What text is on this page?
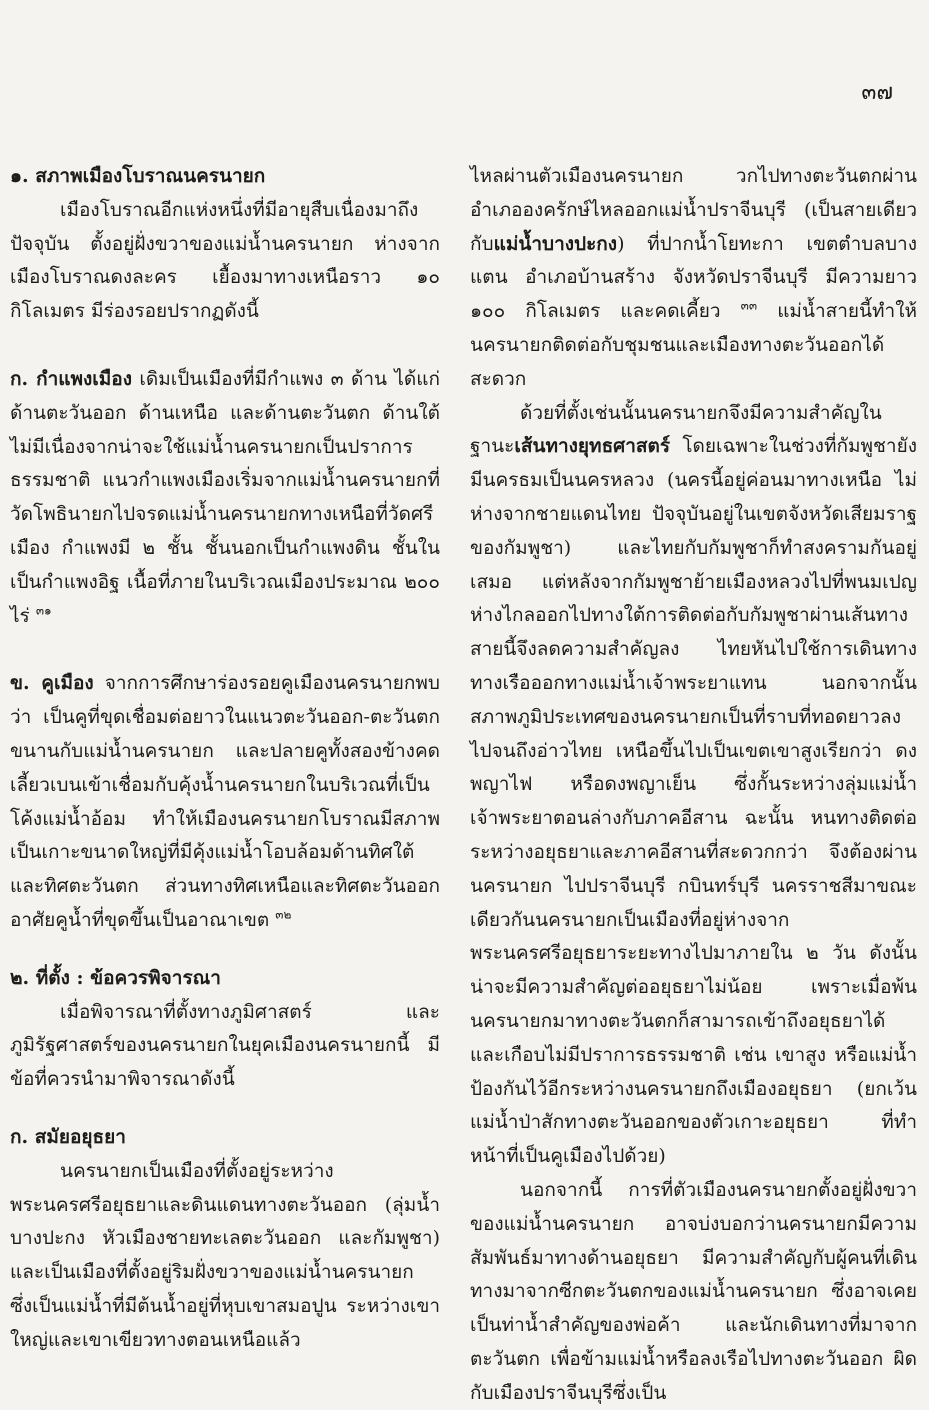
๓๗

๑. สภาพเมืองโบราณนครนายก

เมืองโบราณอีกแห่งหนึ่งที่มีอายุสืบเนื่องมาถึงปัจจุบัน ตั้งอยู่ฝั่งขวาของแม่น้ำนครนายก ห่างจากเมืองโบราณดงละคร เยื้องมาทางเหนือราว ๑๐ กิโลเมตร มีร่องรอยปรากฏดังนี้

ก. กำแพงเมือง เดิมเป็นเมืองที่มีกำแพง ๓ ด้าน ได้แก่ ด้านตะวันออก ด้านเหนือ และด้านตะวันตก ด้านใต้ไม่มีเนื่องจากน่าจะใช้แม่น้ำนครนายกเป็นปราการธรรมชาติ แนวกำแพงเมืองเริ่มจากแม่น้ำนครนายกที่วัดโพธินายกไปจรดแม่น้ำนครนายกทางเหนือที่วัดศรีเมือง กำแพงมี ๒ ชั้น ชั้นนอกเป็นกำแพงดิน ชั้นในเป็นกำแพงอิฐ เนื้อที่ภายในบริเวณเมืองประมาณ ๒๐๐ ไร่ $^{๓๑}$

ข. คูเมือง จากการศึกษาร่องรอยคูเมืองนครนายกพบว่า เป็นคูที่ขุดเชื่อมต่อยาวในแนวตะวันออก-ตะวันตก ขนานกับแม่น้ำนครนายก และปลายคูทั้งสองข้างคดเลี้ยวเบนเข้าเชื่อมกับคุ้งน้ำนครนายกในบริเวณที่เป็นโค้งแม่น้ำอ้อม ทำให้เมืองนครนายกโบราณมีสภาพเป็นเกาะขนาดใหญ่ที่มีคุ้งแม่น้ำโอบล้อมด้านทิศใต้และทิศตะวันตก ส่วนทางทิศเหนือและทิศตะวันออกอาศัยคูน้ำที่ขุดขึ้นเป็นอาณาเขต $^{๓๒}$

๒. ที่ตั้ง : ข้อควรพิจารณา

เมื่อพิจารณาที่ตั้งทางภูมิศาสตร์ และภูมิรัฐศาสตร์ของนครนายกในยุคเมืองนครนายกนี้ มีข้อที่ควรนำมาพิจารณาดังนี้

ก. สมัยอยุธยา

นครนายกเป็นเมืองที่ตั้งอยู่ระหว่างพระนครศรีอยุธยาและดินแดนทางตะวันออก (ลุ่มน้ำบางปะกง หัวเมืองชายทะเลตะวันออก และกัมพูชา) และเป็นเมืองที่ตั้งอยู่ริมฝั่งขวาของแม่น้ำนครนายก ซึ่งเป็นแม่น้ำที่มีต้นน้ำอยู่ที่หุบเขาสมอปูน ระหว่างเขาใหญ่และเขาเขียวทางตอนเหนือแล้ว

ไหลผ่านตัวเมืองนครนายก วกไปทางตะวันตกผ่านอำเภอองครักษ์ไหลออกแม่น้ำปราจีนบุรี (เป็นสายเดียวกับแม่น้ำบางปะกง) ที่ปากน้ำโยทะกา เขตตำบลบางแตน อำเภอบ้านสร้าง จังหวัดปราจีนบุรี มีความยาว ๑๐๐ กิโลเมตร และคดเคี้ยว $^{๓๓}$ แม่น้ำสายนี้ทำให้นครนายกติดต่อกับชุมชนและเมืองทางตะวันออกได้สะดวก

ด้วยที่ตั้งเช่นนั้นนครนายกจึงมีความสำคัญในฐานะเส้นทางยุทธศาสตร์ โดยเฉพาะในช่วงที่กัมพูชายังมีนครธมเป็นนครหลวง (นครนี้อยู่ค่อนมาทางเหนือ ไม่ห่างจากชายแดนไทย ปัจจุบันอยู่ในเขตจังหวัดเสียมราฐของกัมพูชา) และไทยกับกัมพูชาก็ทำสงครามกันอยู่เสมอ แต่หลังจากกัมพูชาย้ายเมืองหลวงไปที่พนมเปญ ห่างไกลออกไปทางใต้การติดต่อกับกัมพูชาผ่านเส้นทางสายนี้จึงลดความสำคัญลง ไทยหันไปใช้การเดินทางทางเรือออกทางแม่น้ำเจ้าพระยาแทน นอกจากนั้น สภาพภูมิประเทศของนครนายกเป็นที่ราบที่ทอดยาวลงไปจนถึงอ่าวไทย เหนือขึ้นไปเป็นเขตเขาสูงเรียกว่า ดงพญาไฟ หรือดงพญาเย็น ซึ่งกั้นระหว่างลุ่มแม่น้ำเจ้าพระยาตอนล่างกับภาคอีสาน ฉะนั้น หนทางติดต่อระหว่างอยุธยาและภาคอีสานที่สะดวกกว่า จึงต้องผ่านนครนายก ไปปราจีนบุรี กบินทร์บุรี นครราชสีมาขณะเดียวกันนครนายกเป็นเมืองที่อยู่ห่างจากพระนครศรีอยุธยาระยะทางไปมาภายใน ๒ วัน ดังนั้นน่าจะมีความสำคัญต่ออยุธยาไม่น้อย เพราะเมื่อพ้นนครนายกมาทางตะวันตกก็สามารถเข้าถึงอยุธยาได้ และเกือบไม่มีปราการธรรมชาติ เช่น เขาสูง หรือแม่น้ำ ป้องกันไว้อีกระหว่างนครนายกถึงเมืองอยุธยา (ยกเว้นแม่น้ำป่าสักทางตะวันออกของตัวเกาะอยุธยา ที่ทำหน้าที่เป็นคูเมืองไปด้วย)

นอกจากนี้ การที่ตัวเมืองนครนายกตั้งอยู่ฝั่งขวาของแม่น้ำนครนายก อาจบ่งบอกว่านครนายกมีความสัมพันธ์มาทางด้านอยุธยา มีความสำคัญกับผู้คนที่เดินทางมาจากซีกตะวันตกของแม่น้ำนครนายก ซึ่งอาจเคยเป็นท่าน้ำสำคัญของพ่อค้า และนักเดินทางที่มาจากตะวันตก เพื่อข้ามแม่น้ำหรือลงเรือไปทางตะวันออก ผิดกับเมืองปราจีนบุรีซึ่งเป็น
